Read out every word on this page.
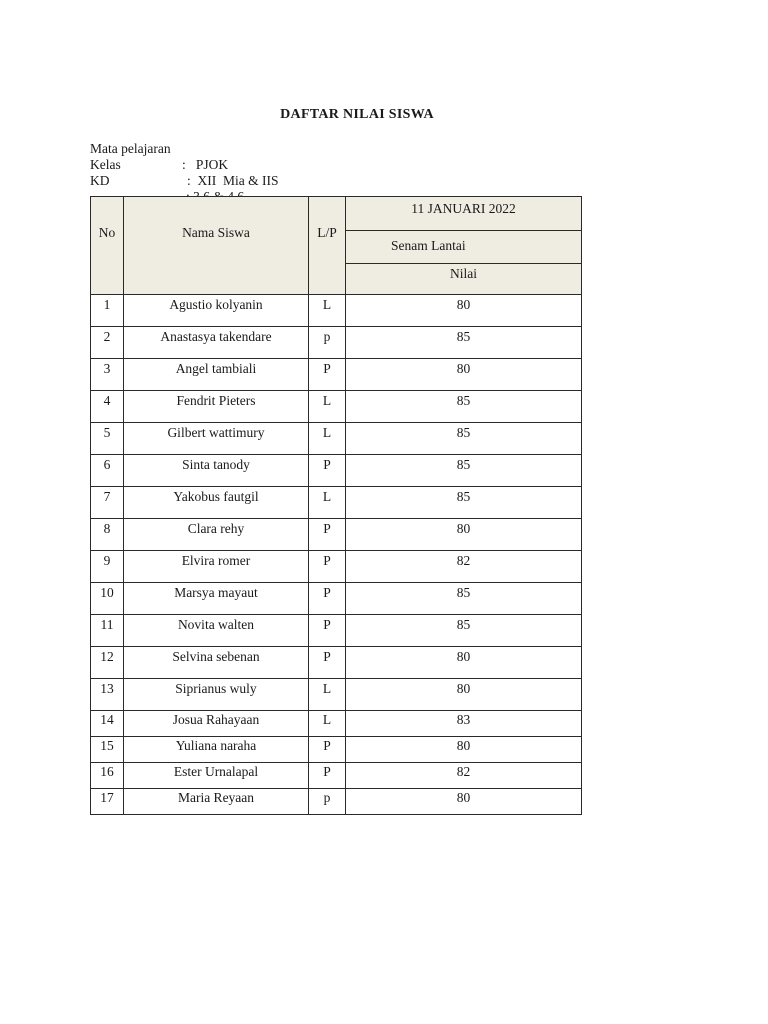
DAFTAR NILAI SISWA

Mata pelajaran

:   PJOK

Kelas

:  XII  Mia & IIS

KD

No	Nama Siswa	L/P	11 JANUARI 2022

			Senam Lantai

			Nilai

1	Agustio kolyanin	L	80

2	Anastasya takendare	p	85

3	Angel tambiali	P	80

4	Fendrit Pieters	L	85

5	Gilbert wattimury	L	85

6	Sinta tanody	P	85

7	Yakobus fautgil	L	85

8	Clara rehy	P	80

9	Elvira romer	P	82

10	Marsya mayaut	P	85

11	Novita walten	P	85

12	Selvina sebenan	P	80

13	Siprianus wuly	L	80

14	Josua Rahayaan	L	83

15	Yuliana naraha	P	80

16	Ester Urnalapal	P	82

17	Maria Reyaan	p	80
